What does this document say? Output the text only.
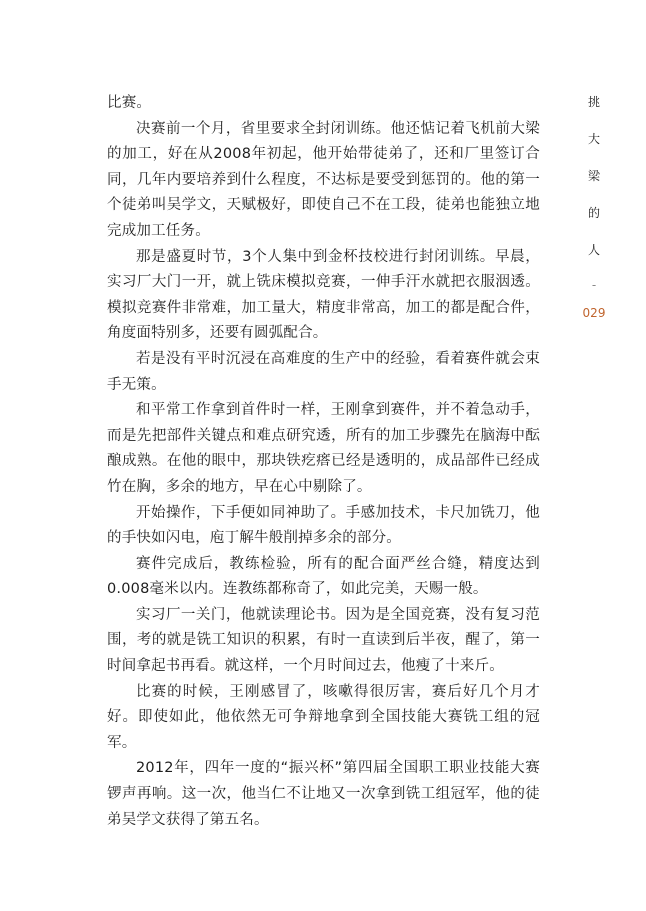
比赛。

决赛前一个月，省里要求全封闭训练。他还惦记着飞机前大梁的加工，好在从2008年初起，他开始带徒弟了，还和厂里签订合同，几年内要培养到什么程度，不达标是要受到惩罚的。他的第一个徒弟叫吴学文，天赋极好，即使自己不在工段，徒弟也能独立地完成加工任务。

那是盛夏时节，3个人集中到金杯技校进行封闭训练。早晨，实习厂大门一开，就上铣床模拟竞赛，一伸手汗水就把衣服洇透。模拟竞赛件非常难，加工量大，精度非常高，加工的都是配合件，角度面特别多，还要有圆弧配合。

若是没有平时沉浸在高难度的生产中的经验，看着赛件就会束手无策。

和平常工作拿到首件时一样，王刚拿到赛件，并不着急动手，而是先把部件关键点和难点研究透，所有的加工步骤先在脑海中酝酿成熟。在他的眼中，那块铁疙瘩已经是透明的，成品部件已经成竹在胸，多余的地方，早在心中剔除了。

开始操作，下手便如同神助了。手感加技术，卡尺加铣刀，他的手快如闪电，庖丁解牛般削掉多余的部分。

赛件完成后，教练检验，所有的配合面严丝合缝，精度达到0.008毫米以内。连教练都称奇了，如此完美，天赐一般。

实习厂一关门，他就读理论书。因为是全国竞赛，没有复习范围，考的就是铣工知识的积累，有时一直读到后半夜，醒了，第一时间拿起书再看。就这样，一个月时间过去，他瘦了十来斤。

比赛的时候，王刚感冒了，咳嗽得很厉害，赛后好几个月才好。即使如此，他依然无可争辩地拿到全国技能大赛铣工组的冠军。

2012年，四年一度的“振兴杯”第四届全国职工职业技能大赛锣声再响。这一次，他当仁不让地又一次拿到铣工组冠军，他的徒弟吴学文获得了第五名。

挑
大
梁
的
人
-
029
